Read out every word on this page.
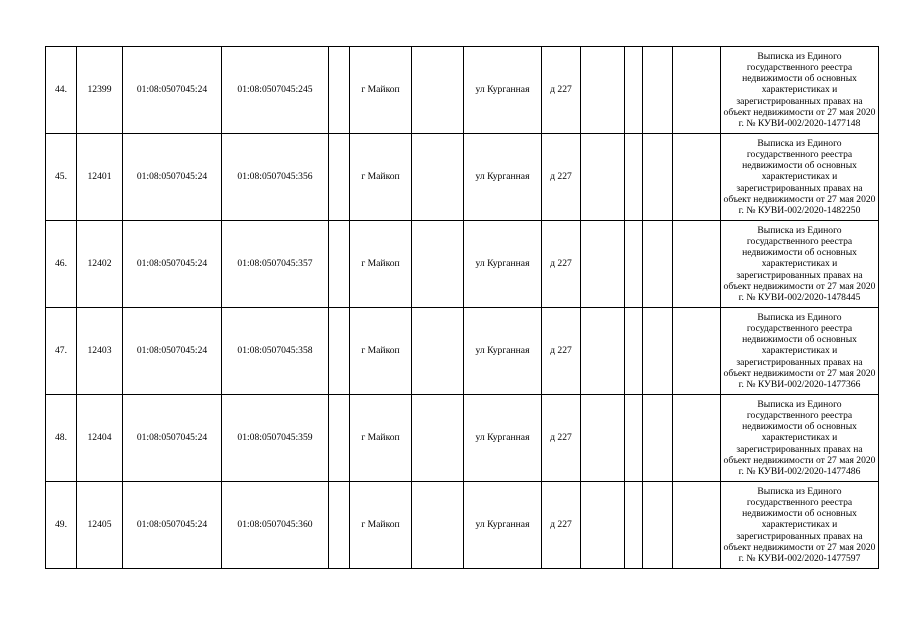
44.	12399	01:08:0507045:24	01:08:0507045:245		г Майкоп		ул Курганная	д 227					Выписка из Единого государственного реестра недвижимости об основных характеристиках и зарегистрированных правах на объект недвижимости от 27 мая 2020 г. № КУВИ-002/2020-1477148
45.	12401	01:08:0507045:24	01:08:0507045:356		г Майкоп		ул Курганная	д 227					Выписка из Единого государственного реестра недвижимости об основных характеристиках и зарегистрированных правах на объект недвижимости от 27 мая 2020 г. № КУВИ-002/2020-1482250
46.	12402	01:08:0507045:24	01:08:0507045:357		г Майкоп		ул Курганная	д 227					Выписка из Единого государственного реестра недвижимости об основных характеристиках и зарегистрированных правах на объект недвижимости от 27 мая 2020 г. № КУВИ-002/2020-1478445
47.	12403	01:08:0507045:24	01:08:0507045:358		г Майкоп		ул Курганная	д 227					Выписка из Единого государственного реестра недвижимости об основных характеристиках и зарегистрированных правах на объект недвижимости от 27 мая 2020 г. № КУВИ-002/2020-1477366
48.	12404	01:08:0507045:24	01:08:0507045:359		г Майкоп		ул Курганная	д 227					Выписка из Единого государственного реестра недвижимости об основных характеристиках и зарегистрированных правах на объект недвижимости от 27 мая 2020 г. № КУВИ-002/2020-1477486
49.	12405	01:08:0507045:24	01:08:0507045:360		г Майкоп		ул Курганная	д 227					Выписка из Единого государственного реестра недвижимости об основных характеристиках и зарегистрированных правах на объект недвижимости от 27 мая 2020 г. № КУВИ-002/2020-1477597
